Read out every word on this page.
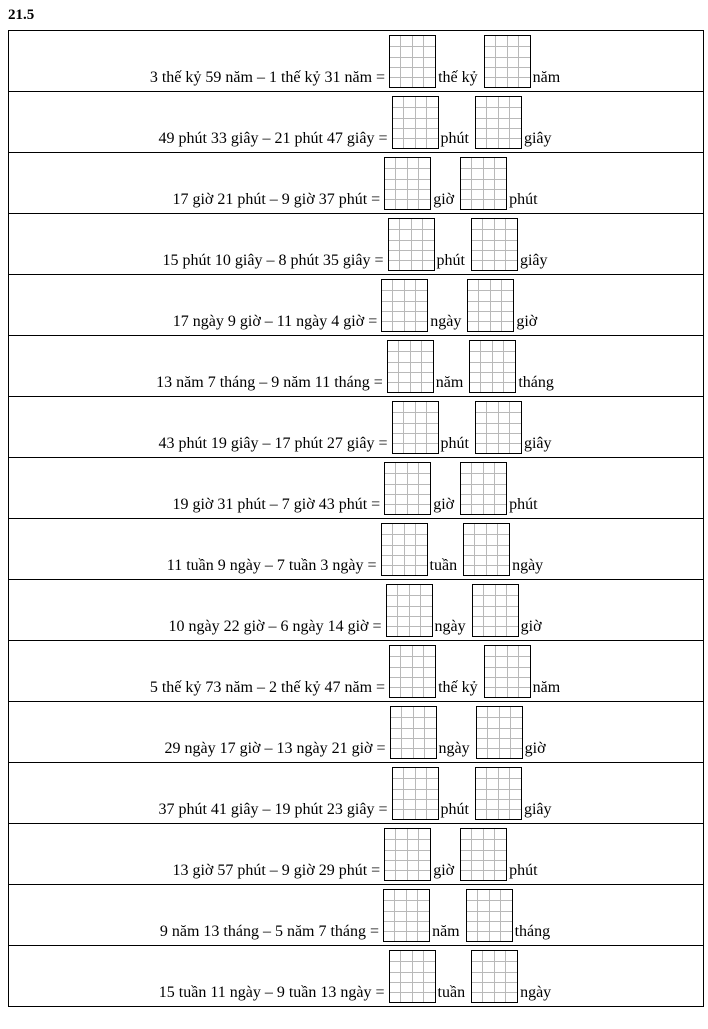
21.5
3 thế kỷ 59 năm – 1 thế kỷ 31 năm =	thế kỷ	năm
49 phút 33 giây – 21 phút 47 giây =	phút	giây
17 giờ 21 phút – 9 giờ 37 phút =	giờ	phút
15 phút 10 giây – 8 phút 35 giây =	phút	giây
17 ngày 9 giờ – 11 ngày 4 giờ =	ngày	giờ
13 năm 7 tháng – 9 năm 11 tháng =	năm	tháng
43 phút 19 giây – 17 phút 27 giây =	phút	giây
19 giờ 31 phút – 7 giờ 43 phút =	giờ	phút
11 tuần 9 ngày – 7 tuần 3 ngày =	tuần	ngày
10 ngày 22 giờ – 6 ngày 14 giờ =	ngày	giờ
5 thế kỷ 73 năm – 2 thế kỷ 47 năm =	thế kỷ	năm
29 ngày 17 giờ – 13 ngày 21 giờ =	ngày	giờ
37 phút 41 giây – 19 phút 23 giây =	phút	giây
13 giờ 57 phút – 9 giờ 29 phút =	giờ	phút
9 năm 13 tháng – 5 năm 7 tháng =	năm	tháng
15 tuần 11 ngày – 9 tuần 13 ngày =	tuần	ngày
